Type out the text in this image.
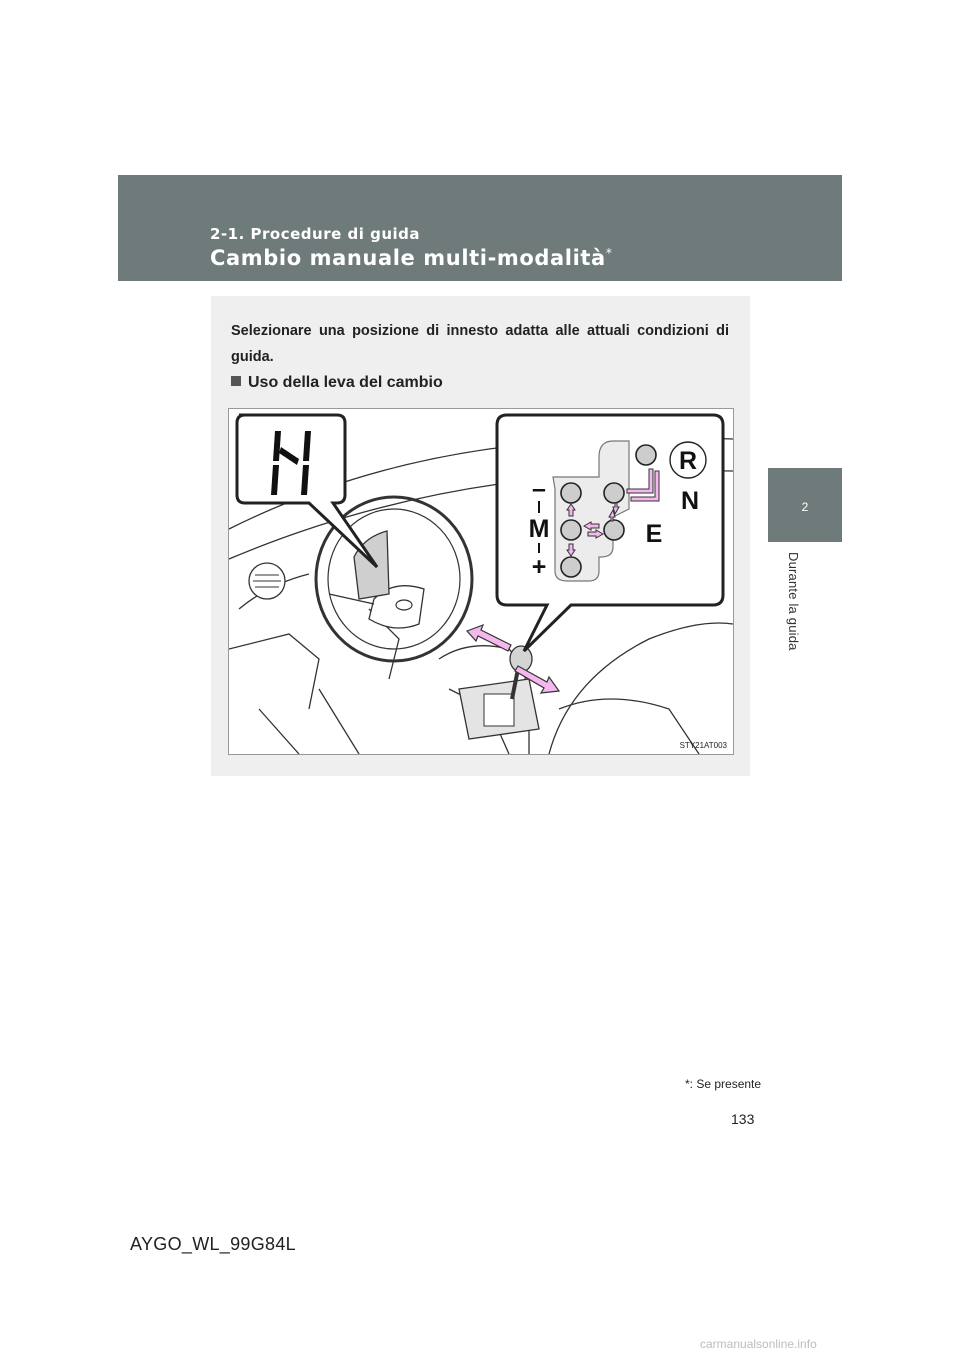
2-1. Procedure di guida
Cambio manuale multi-modalità*
2
Durante la guida
Selezionare una posizione di innesto adatta alle attuali condizioni di guida.
Uso della leva del cambio
R
N
E
M
–
+
STY21AT003
*: Se presente
133
AYGO_WL_99G84L
carmanualsonline.info
